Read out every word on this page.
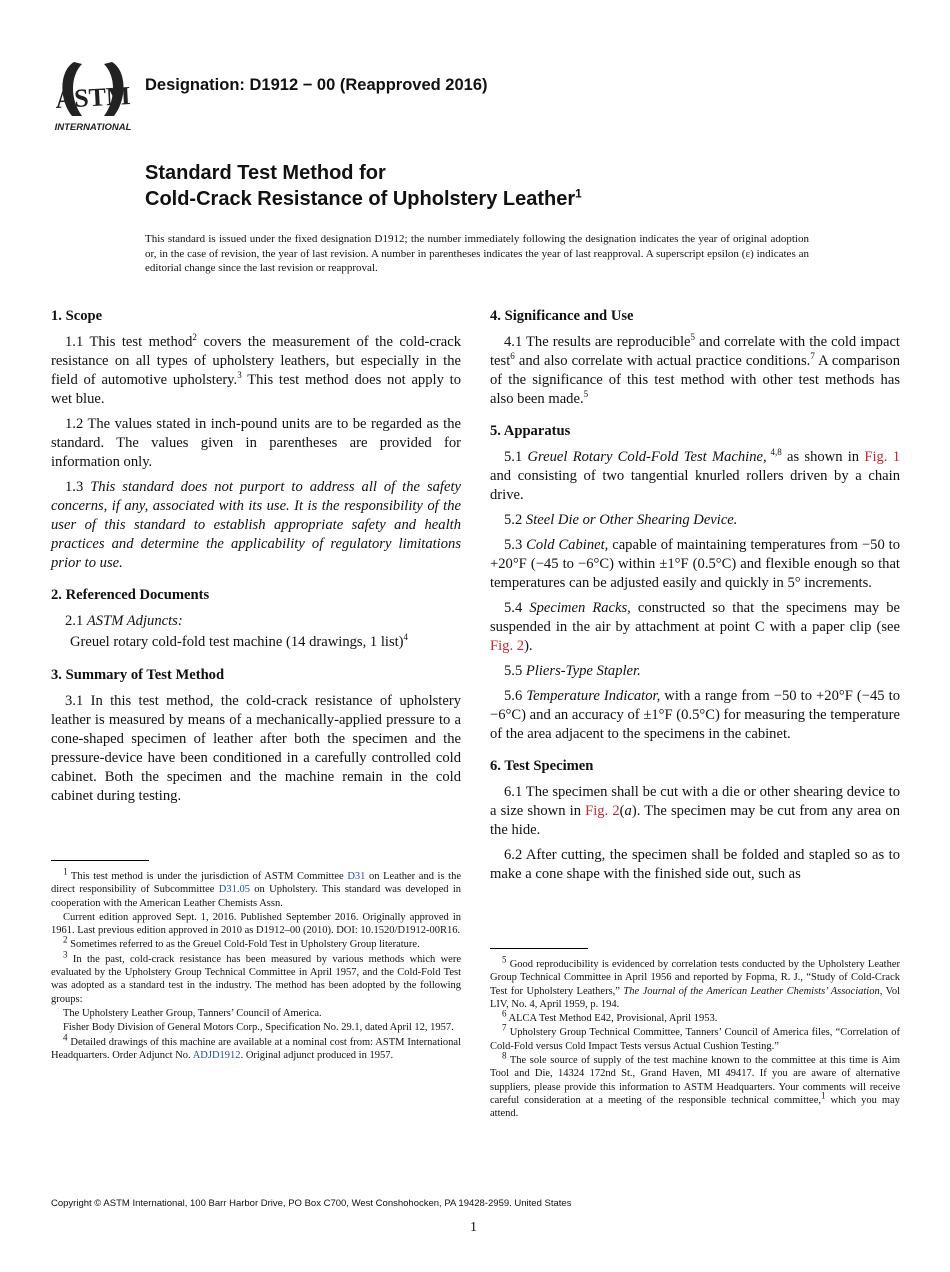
ASTM
INTERNATIONAL
Designation: D1912 − 00 (Reapproved 2016)
Standard Test Method for
Cold-Crack Resistance of Upholstery Leather$^1$
This standard is issued under the fixed designation D1912; the number immediately following the designation indicates the year of original adoption or, in the case of revision, the year of last revision. A number in parentheses indicates the year of last reapproval. A superscript epsilon (ε) indicates an editorial change since the last revision or reapproval.
1. Scope

1.1 This test method$^2$ covers the measurement of the cold-crack resistance on all types of upholstery leathers, but especially in the field of automotive upholstery.$^3$ This test method does not apply to wet blue.

1.2 The values stated in inch-pound units are to be regarded as the standard. The values given in parentheses are provided for information only.

1.3 This standard does not purport to address all of the safety concerns, if any, associated with its use. It is the responsibility of the user of this standard to establish appropriate safety and health practices and determine the applicability of regulatory limitations prior to use.

2. Referenced Documents

2.1 ASTM Adjuncts:

Greuel rotary cold-fold test machine (14 drawings, 1 list)$^4$

3. Summary of Test Method

3.1 In this test method, the cold-crack resistance of upholstery leather is measured by means of a mechanically-applied pressure to a cone-shaped specimen of leather after both the specimen and the pressure-device have been conditioned in a carefully controlled cold cabinet. Both the specimen and the machine remain in the cold cabinet during testing.

4. Significance and Use

4.1 The results are reproducible$^5$ and correlate with the cold impact test$^6$ and also correlate with actual practice conditions.$^7$ A comparison of the significance of this test method with other test methods has also been made.$^5$

5. Apparatus

5.1 Greuel Rotary Cold-Fold Test Machine, $^{4,8}$ as shown in Fig. 1 and consisting of two tangential knurled rollers driven by a chain drive.

5.2 Steel Die or Other Shearing Device.

5.3 Cold Cabinet, capable of maintaining temperatures from −50 to +20°F (−45 to −6°C) within ±1°F (0.5°C) and flexible enough so that temperatures can be adjusted easily and quickly in 5° increments.

5.4 Specimen Racks, constructed so that the specimens may be suspended in the air by attachment at point C with a paper clip (see Fig. 2).

5.5 Pliers-Type Stapler.

5.6 Temperature Indicator, with a range from −50 to +20°F (−45 to −6°C) and an accuracy of ±1°F (0.5°C) for measuring the temperature of the area adjacent to the specimens in the cabinet.

6. Test Specimen

6.1 The specimen shall be cut with a die or other shearing device to a size shown in Fig. 2(a). The specimen may be cut from any area on the hide.

6.2 After cutting, the specimen shall be folded and stapled so as to make a cone shape with the finished side out, such as

$^1$ This test method is under the jurisdiction of ASTM Committee D31 on Leather and is the direct responsibility of Subcommittee D31.05 on Upholstery. This standard was developed in cooperation with the American Leather Chemists Assn.

Current edition approved Sept. 1, 2016. Published September 2016. Originally approved in 1961. Last previous edition approved in 2010 as D1912–00 (2010). DOI: 10.1520/D1912-00R16.

$^2$ Sometimes referred to as the Greuel Cold-Fold Test in Upholstery Group literature.

$^3$ In the past, cold-crack resistance has been measured by various methods which were evaluated by the Upholstery Group Technical Committee in April 1957, and the Cold-Fold Test was adopted as a standard test in the industry. The method has been adopted by the following groups:

The Upholstery Leather Group, Tanners’ Council of America.

Fisher Body Division of General Motors Corp., Specification No. 29.1, dated April 12, 1957.

$^4$ Detailed drawings of this machine are available at a nominal cost from: ASTM International Headquarters. Order Adjunct No. ADJD1912. Original adjunct produced in 1957.

$^5$ Good reproducibility is evidenced by correlation tests conducted by the Upholstery Leather Group Technical Committee in April 1956 and reported by Fopma, R. J., “Study of Cold-Crack Test for Upholstery Leathers,” The Journal of the American Leather Chemists’ Association, Vol LIV, No. 4, April 1959, p. 194.

$^6$ ALCA Test Method E42, Provisional, April 1953.

$^7$ Upholstery Group Technical Committee, Tanners’ Council of America files, “Correlation of Cold-Fold versus Cold Impact Tests versus Actual Cushion Testing.”

$^8$ The sole source of supply of the test machine known to the committee at this time is Aim Tool and Die, 14324 172nd St., Grand Haven, MI 49417. If you are aware of alternative suppliers, please provide this information to ASTM Headquarters. Your comments will receive careful consideration at a meeting of the responsible technical committee,$^1$ which you may attend.

Copyright © ASTM International, 100 Barr Harbor Drive, PO Box C700, West Conshohocken, PA 19428-2959. United States
1
